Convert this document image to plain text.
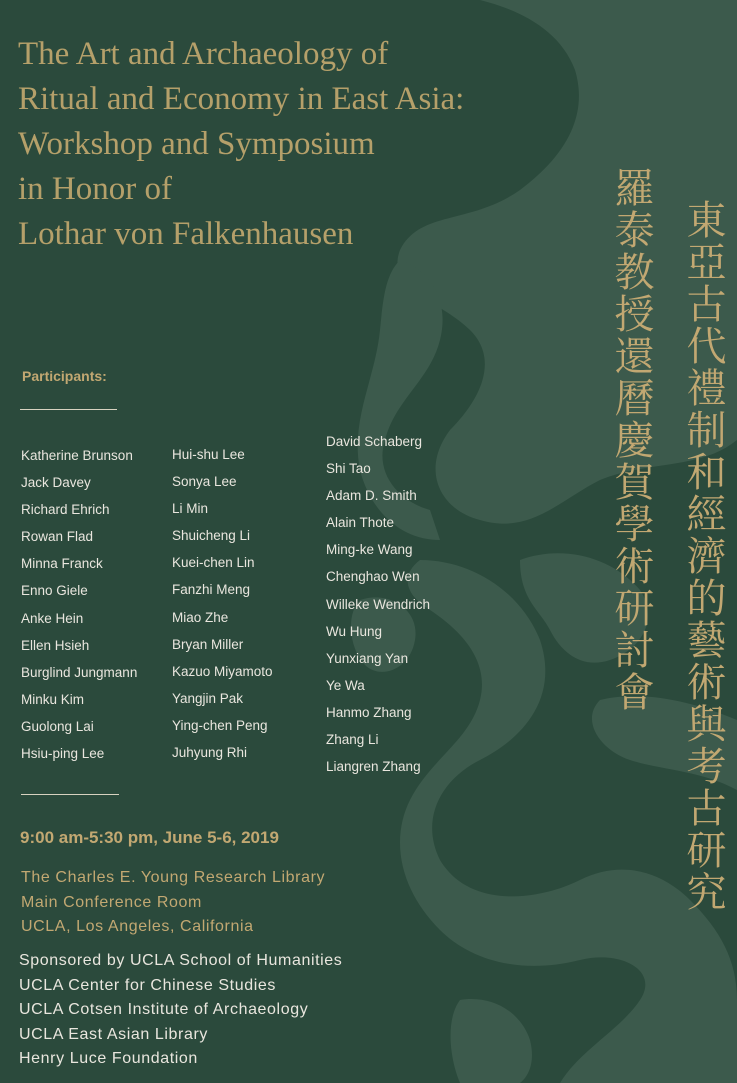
The Art and Archaeology of
Ritual and Economy in East Asia:
Workshop and Symposium
in Honor of
Lothar von Falkenhausen	東亞古代禮制和經濟的藝術與考古研究
羅泰教授還曆慶賀學術研討會
Participants:
Katherine Brunson
Jack Davey
Richard Ehrich
Rowan Flad
Minna Franck
Enno Giele
Anke Hein
Ellen Hsieh
Burglind Jungmann
Minku Kim
Guolong Lai
Hsiu-ping Lee
Hui-shu Lee
Sonya Lee
Li Min
Shuicheng Li
Kuei-chen Lin
Fanzhi Meng
Miao Zhe
Bryan Miller
Kazuo Miyamoto
Yangjin Pak
Ying-chen Peng
Juhyung Rhi
David Schaberg
Shi Tao
Adam D. Smith
Alain Thote
Ming-ke Wang
Chenghao Wen
Willeke Wendrich
Wu Hung
Yunxiang Yan
Ye Wa
Hanmo Zhang
Zhang Li
Liangren Zhang
9:00 am-5:30 pm, June 5-6, 2019
The Charles E. Young Research Library
Main Conference Room
UCLA, Los Angeles, California
Sponsored by UCLA School of Humanities
UCLA Center for Chinese Studies
UCLA Cotsen Institute of Archaeology
UCLA East Asian Library
Henry Luce Foundation
